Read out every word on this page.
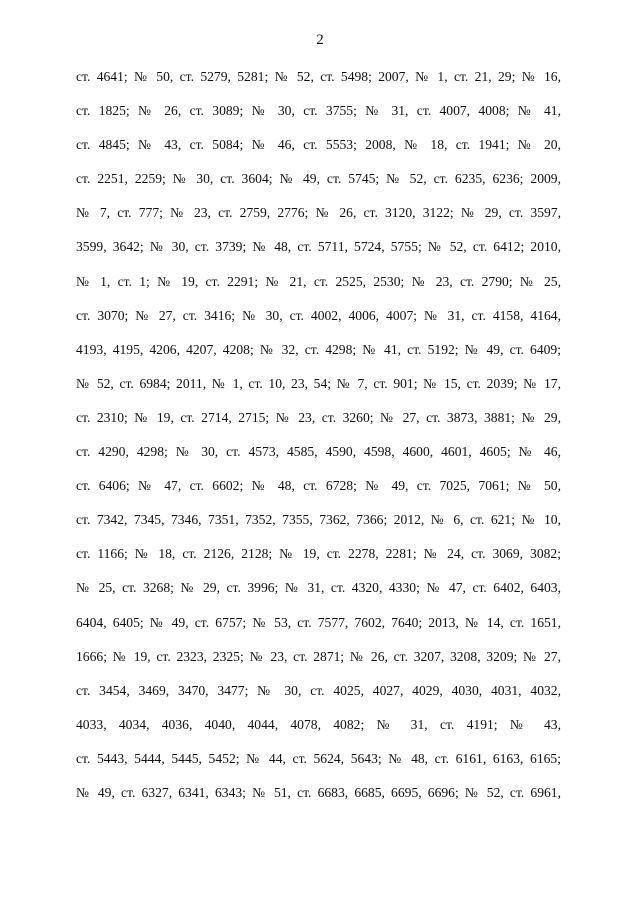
2
ст. 4641; № 50, ст. 5279, 5281; № 52, ст. 5498; 2007, № 1, ст. 21, 29; № 16,
ст. 1825; № 26, ст. 3089; № 30, ст. 3755; № 31, ст. 4007, 4008; № 41,
ст. 4845; № 43, ст. 5084; № 46, ст. 5553; 2008, № 18, ст. 1941; № 20,
ст. 2251, 2259; № 30, ст. 3604; № 49, ст. 5745; № 52, ст. 6235, 6236; 2009,
№ 7, ст. 777; № 23, ст. 2759, 2776; № 26, ст. 3120, 3122; № 29, ст. 3597,
3599, 3642; № 30, ст. 3739; № 48, ст. 5711, 5724, 5755; № 52, ст. 6412; 2010,
№ 1, ст. 1; № 19, ст. 2291; № 21, ст. 2525, 2530; № 23, ст. 2790; № 25,
ст. 3070; № 27, ст. 3416; № 30, ст. 4002, 4006, 4007; № 31, ст. 4158, 4164,
4193, 4195, 4206, 4207, 4208; № 32, ст. 4298; № 41, ст. 5192; № 49, ст. 6409;
№ 52, ст. 6984; 2011, № 1, ст. 10, 23, 54; № 7, ст. 901; № 15, ст. 2039; № 17,
ст. 2310; № 19, ст. 2714, 2715; № 23, ст. 3260; № 27, ст. 3873, 3881; № 29,
ст. 4290, 4298; № 30, ст. 4573, 4585, 4590, 4598, 4600, 4601, 4605; № 46,
ст. 6406; № 47, ст. 6602; № 48, ст. 6728; № 49, ст. 7025, 7061; № 50,
ст. 7342, 7345, 7346, 7351, 7352, 7355, 7362, 7366; 2012, № 6, ст. 621; № 10,
ст. 1166; № 18, ст. 2126, 2128; № 19, ст. 2278, 2281; № 24, ст. 3069, 3082;
№ 25, ст. 3268; № 29, ст. 3996; № 31, ст. 4320, 4330; № 47, ст. 6402, 6403,
6404, 6405; № 49, ст. 6757; № 53, ст. 7577, 7602, 7640; 2013, № 14, ст. 1651,
1666; № 19, ст. 2323, 2325; № 23, ст. 2871; № 26, ст. 3207, 3208, 3209; № 27,
ст. 3454, 3469, 3470, 3477; № 30, ст. 4025, 4027, 4029, 4030, 4031, 4032,
4033, 4034, 4036, 4040, 4044, 4078, 4082; № 31, ст. 4191; № 43,
ст. 5443, 5444, 5445, 5452; № 44, ст. 5624, 5643; № 48, ст. 6161, 6163, 6165;
№ 49, ст. 6327, 6341, 6343; № 51, ст. 6683, 6685, 6695, 6696; № 52, ст. 6961,
